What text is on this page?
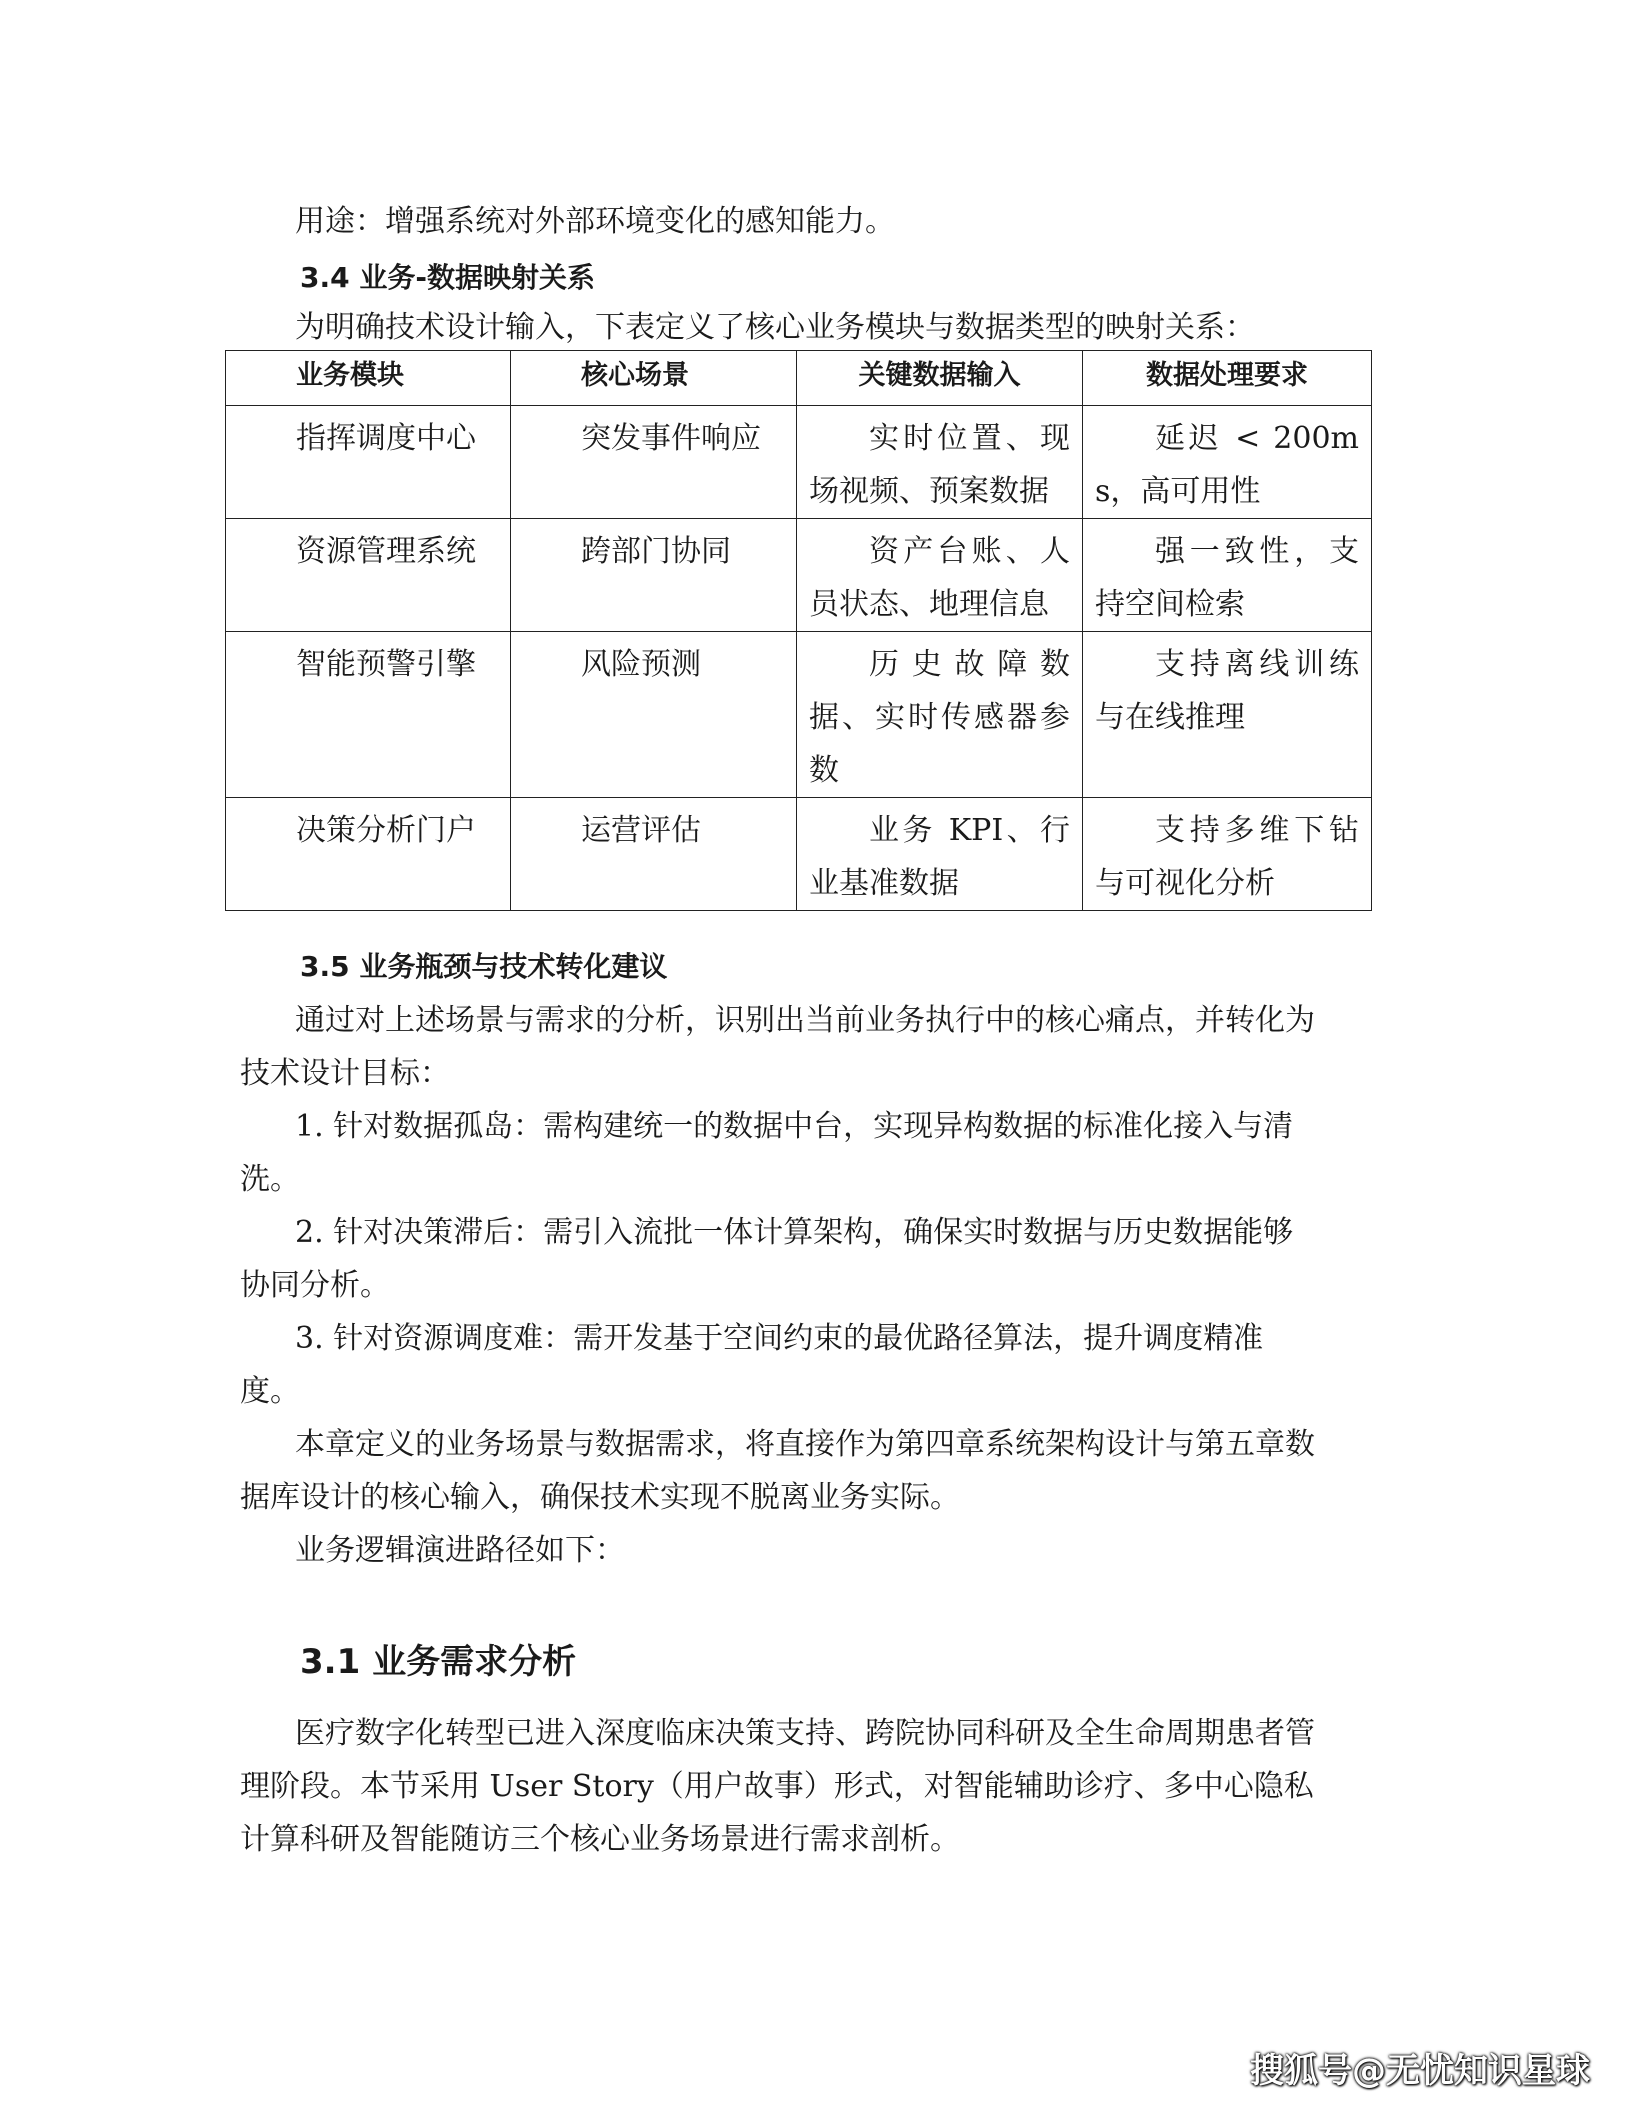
用途：增强系统对外部环境变化的感知能力。
3.4 业务-数据映射关系
为明确技术设计输入，下表定义了核心业务模块与数据类型的映射关系：
业务模块	核心场景	关键数据输入	数据处理要求
指挥调度中心	突发事件响应	实时位置、现场视频、预案数据	延迟 < 200ms，高可用性
资源管理系统	跨部门协同	资产台账、人员状态、地理信息	强一致性，支持空间检索
智能预警引擎	风险预测	历史故障数据、实时传感器参数	支持离线训练与在线推理
决策分析门户	运营评估	业务 KPI、行业基准数据	支持多维下钻与可视化分析
3.5 业务瓶颈与技术转化建议
通过对上述场景与需求的分析，识别出当前业务执行中的核心痛点，并转化为
技术设计目标：
1. 针对数据孤岛：需构建统一的数据中台，实现异构数据的标准化接入与清
洗。
2. 针对决策滞后：需引入流批一体计算架构，确保实时数据与历史数据能够
协同分析。
3. 针对资源调度难：需开发基于空间约束的最优路径算法，提升调度精准
度。
本章定义的业务场景与数据需求，将直接作为第四章系统架构设计与第五章数
据库设计的核心输入，确保技术实现不脱离业务实际。
业务逻辑演进路径如下：
3.1 业务需求分析
医疗数字化转型已进入深度临床决策支持、跨院协同科研及全生命周期患者管
理阶段。本节采用 User Story（用户故事）形式，对智能辅助诊疗、多中心隐私
计算科研及智能随访三个核心业务场景进行需求剖析。
搜狐号@无忧知识星球
